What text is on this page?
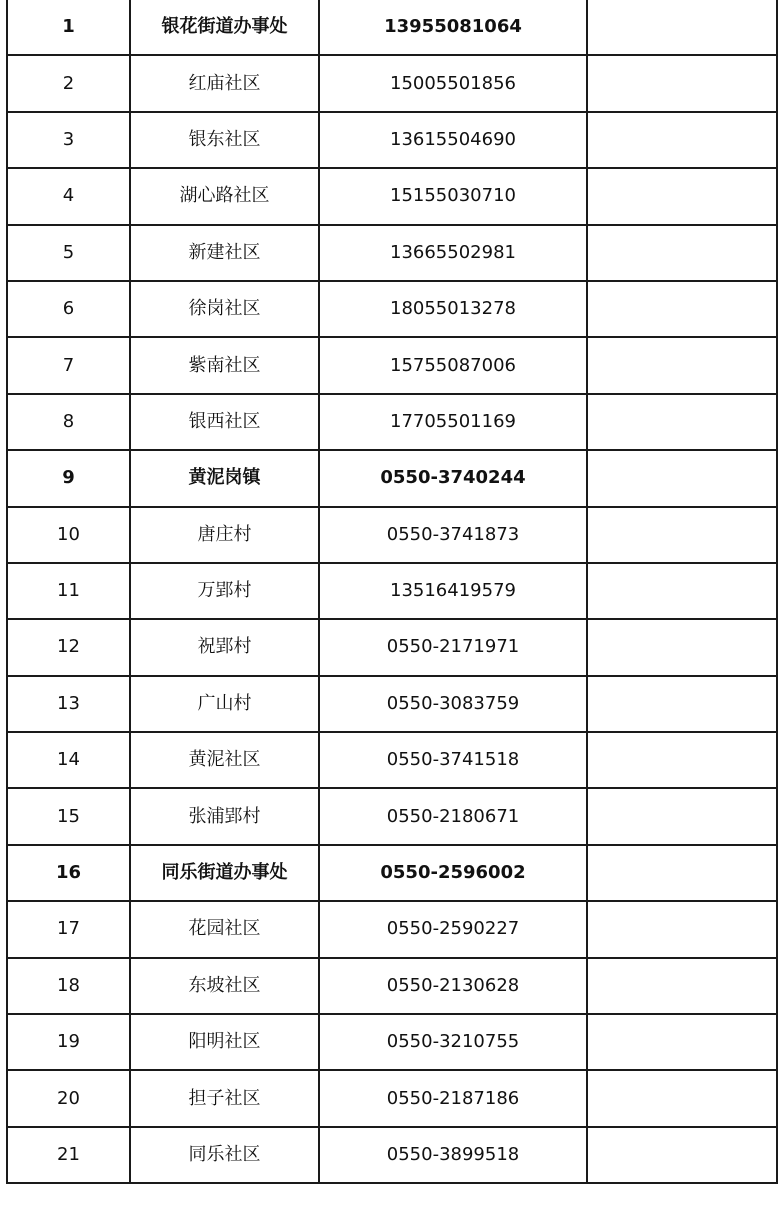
1	银花街道办事处	13955081064	
2	红庙社区	15005501856	
3	银东社区	13615504690	
4	湖心路社区	15155030710	
5	新建社区	13665502981	
6	徐岗社区	18055013278	
7	紫南社区	15755087006	
8	银西社区	17705501169	
9	黄泥岗镇	0550-3740244	
10	唐庄村	0550-3741873	
11	万郢村	13516419579	
12	祝郢村	0550-2171971	
13	广山村	0550-3083759	
14	黄泥社区	0550-3741518	
15	张浦郢村	0550-2180671	
16	同乐街道办事处	0550-2596002	
17	花园社区	0550-2590227	
18	东坡社区	0550-2130628	
19	阳明社区	0550-3210755	
20	担子社区	0550-2187186	
21	同乐社区	0550-3899518	
